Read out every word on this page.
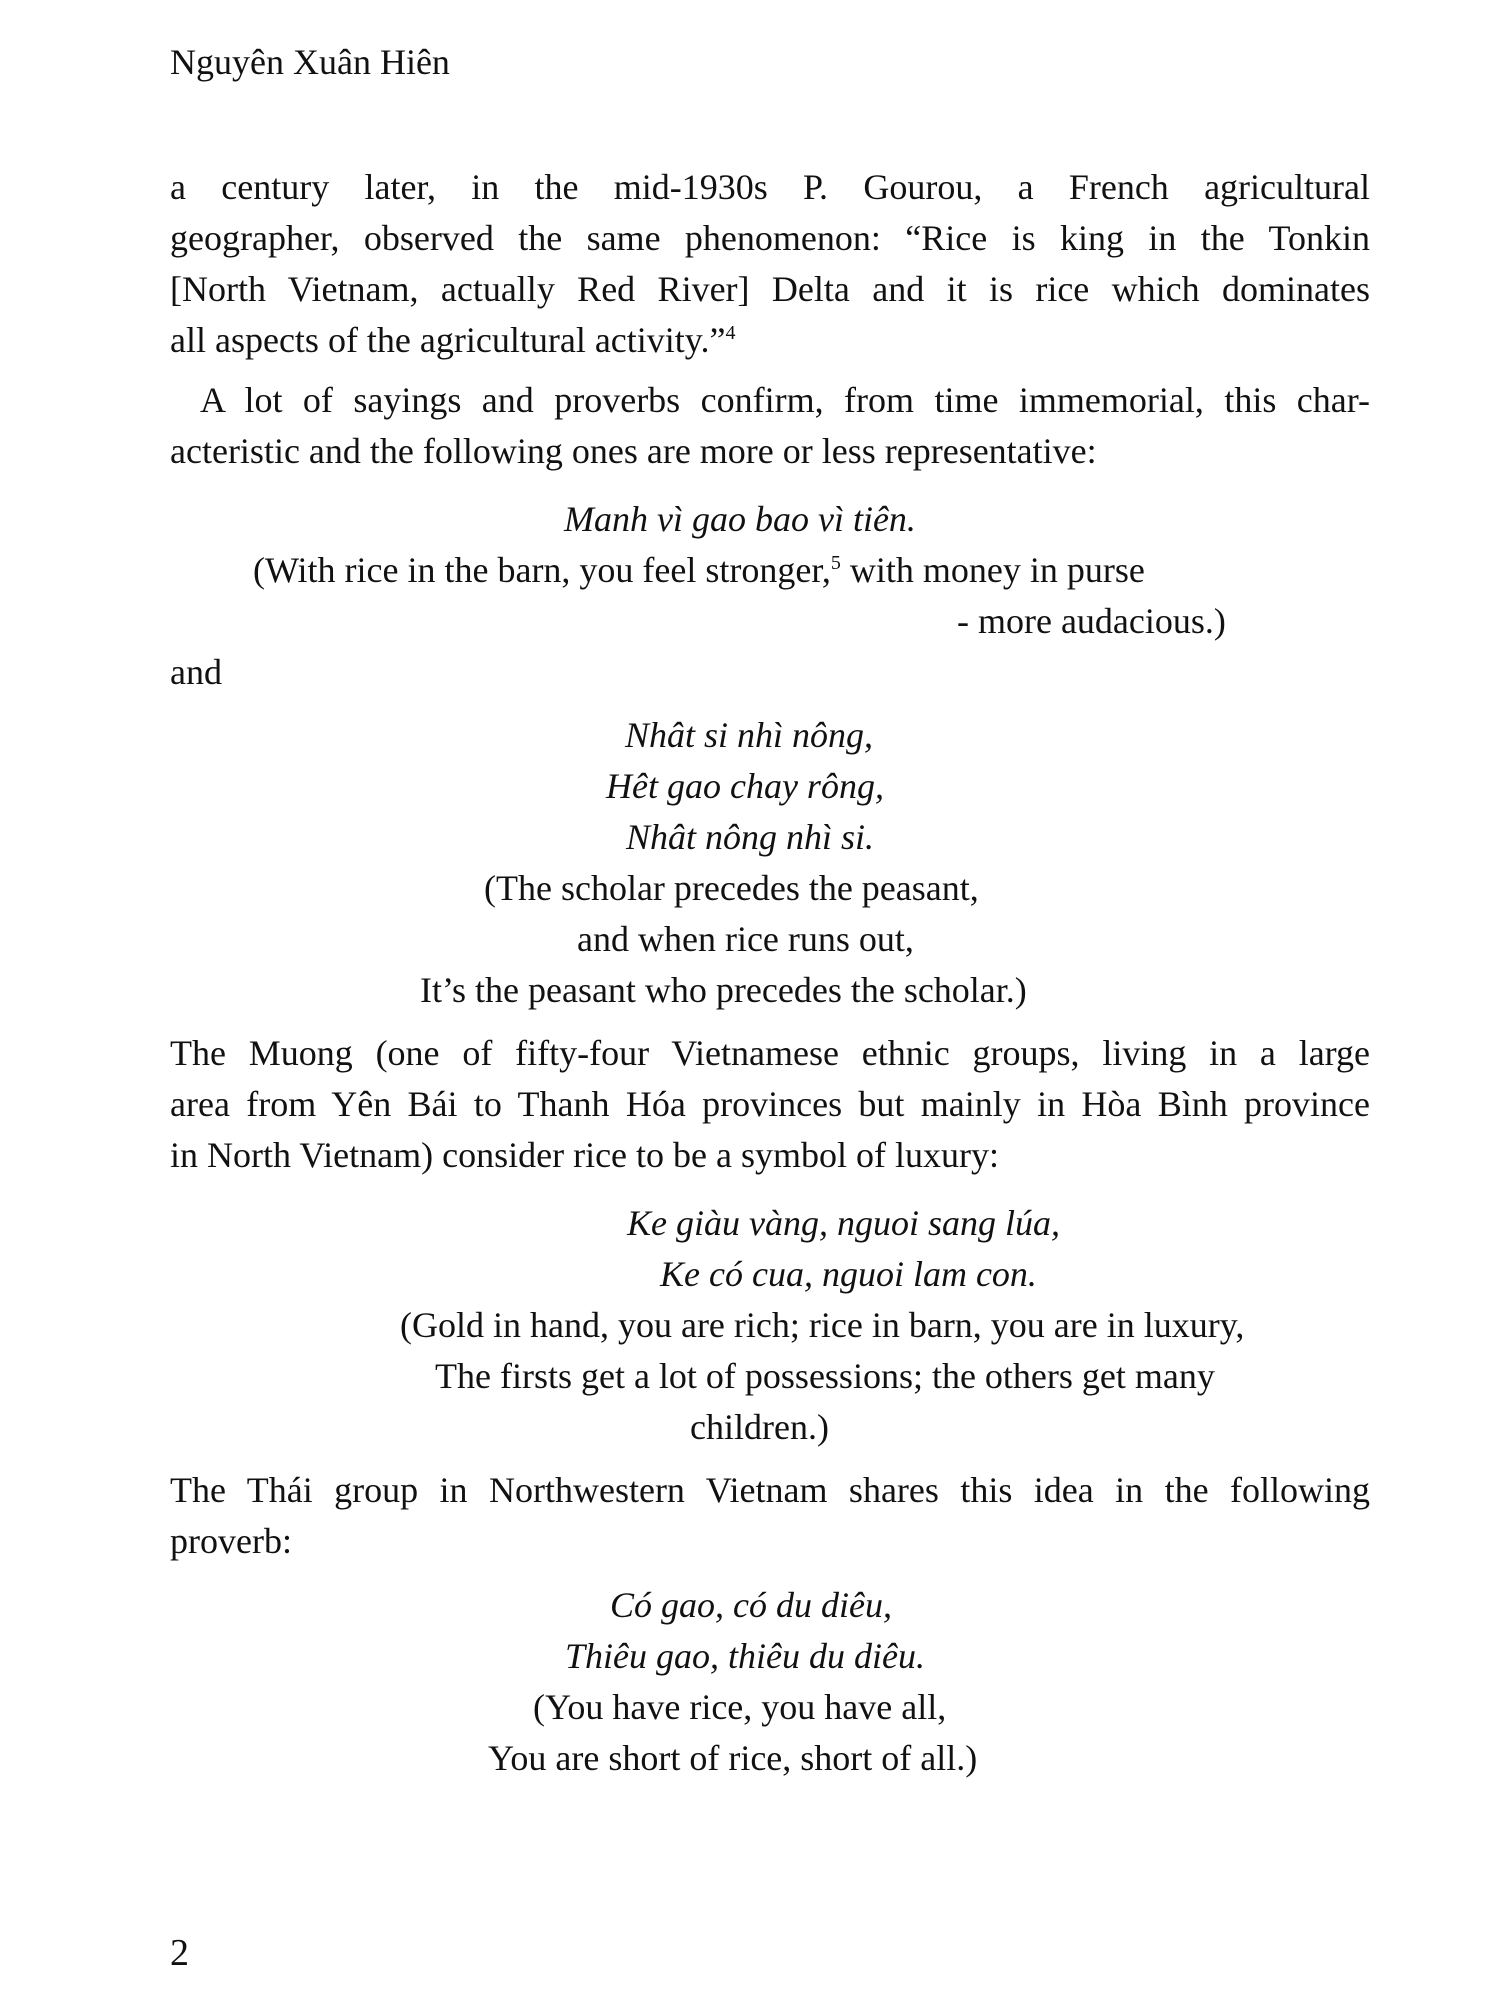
Nguyên Xuân Hiên
a century later, in the mid-1930s P. Gourou, a French agricultural
geographer, observed the same phenomenon: “Rice is king in the Tonkin
[North Vietnam, actually Red River] Delta and it is rice which dominates
all aspects of the agricultural activity.”$^4$
A lot of sayings and proverbs confirm, from time immemorial, this char-
acteristic and the following ones are more or less representative:
Manh vì gao bao vì tiên.
(With rice in the barn, you feel stronger,$^5$ with money in purse
- more audacious.)
and
Nhât si nhì nông,
Hêt gao chay rông,
Nhât nông nhì si.
(The scholar precedes the peasant,
and when rice runs out,
It’s the peasant who precedes the scholar.)
The Muong (one of fifty-four Vietnamese ethnic groups, living in a large
area from Yên Bái to Thanh Hóa provinces but mainly in Hòa Bình province
in North Vietnam) consider rice to be a symbol of luxury:
Ke giàu vàng, nguoi sang lúa,
Ke có cua, nguoi lam con.
(Gold in hand, you are rich; rice in barn, you are in luxury,
The firsts get a lot of possessions; the others get many
children.)
The Thái group in Northwestern Vietnam shares this idea in the following
proverb:
Có gao, có du diêu,
Thiêu gao, thiêu du diêu.
(You have rice, you have all,
You are short of rice, short of all.)
2
